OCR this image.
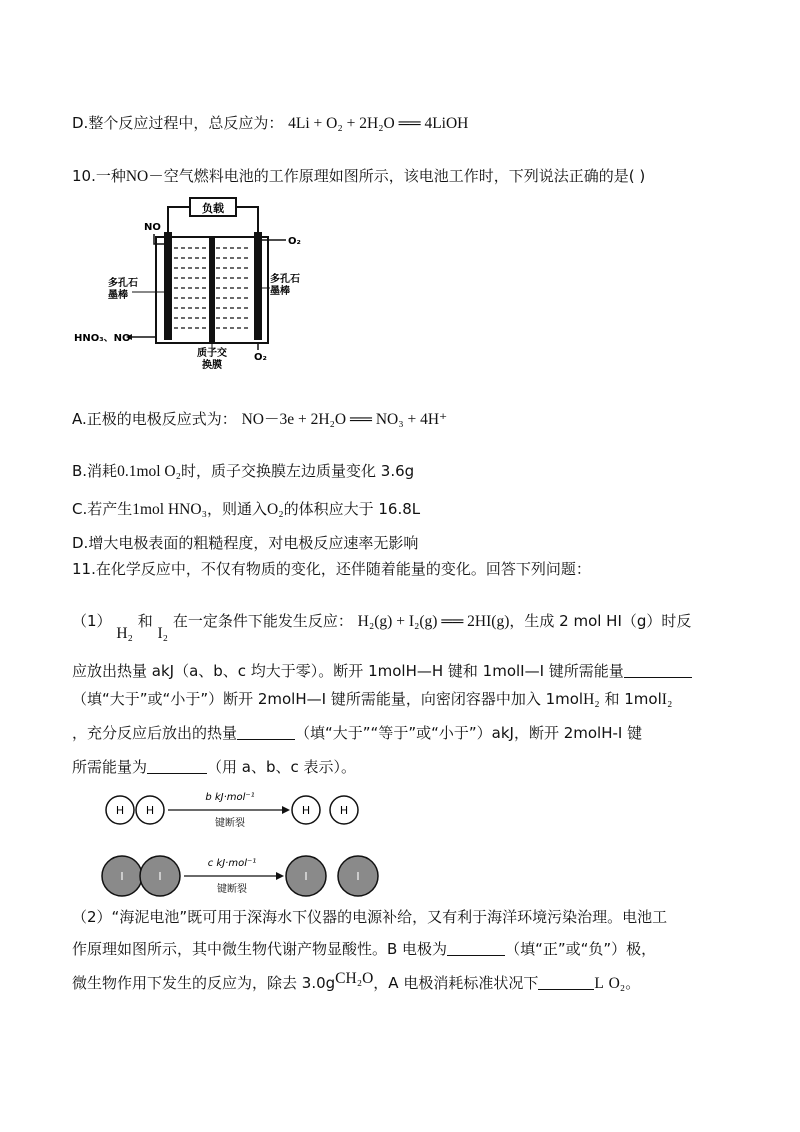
D.整个反应过程中，总反应为： 4Li + O₂ + 2H₂O ══ 4LiOH
10.一种NO－空气燃料电池的工作原理如图所示，该电池工作时，下列说法正确的是( )
负载
NO
O₂
O₂
多孔石
墨棒
多孔石
墨棒
HNO₃、NO
质子交
换膜
A.正极的电极反应式为： NO－3e + 2H₂O ══ NO₃ + 4H⁺
B.消耗0.1mol O₂时，质子交换膜左边质量变化 3.6g
C.若产生1mol HNO₃，则通入O₂的体积应大于 16.8L
D.增大电极表面的粗糙程度，对电极反应速率无影响
11.在化学反应中，不仅有物质的变化，还伴随着能量的变化。回答下列问题：
（1） H₂ 和 I₂ 在一定条件下能发生反应： H₂(g) + I₂(g) ══ 2HI(g)，生成 2 mol HI（g）时反
应放出热量 akJ（a、b、c 均大于零）。断开 1molH—H 键和 1molI—I 键所需能量
（填“大于”或“小于”）断开 2molH—I 键所需能量，向密闭容器中加入 1molH₂ 和 1molI₂
，充分反应后放出的热量	（填“大于”“等于”或“小于”）akJ，断开 2molH-I 键
所需能量为	（用 a、b、c 表示）。
H H
b kJ·mol⁻¹
键断裂
H	H
I	I
c kJ·mol⁻¹
键断裂
I	I
（2）“海泥电池”既可用于深海水下仪器的电源补给，又有利于海洋环境污染治理。电池工
作原理如图所示，其中微生物代谢产物显酸性。B 电极为	（填“正”或“负”）极，
微生物作用下发生的反应为，除去 3.0gCH₂O，A 电极消耗标准状况下	L O₂。
